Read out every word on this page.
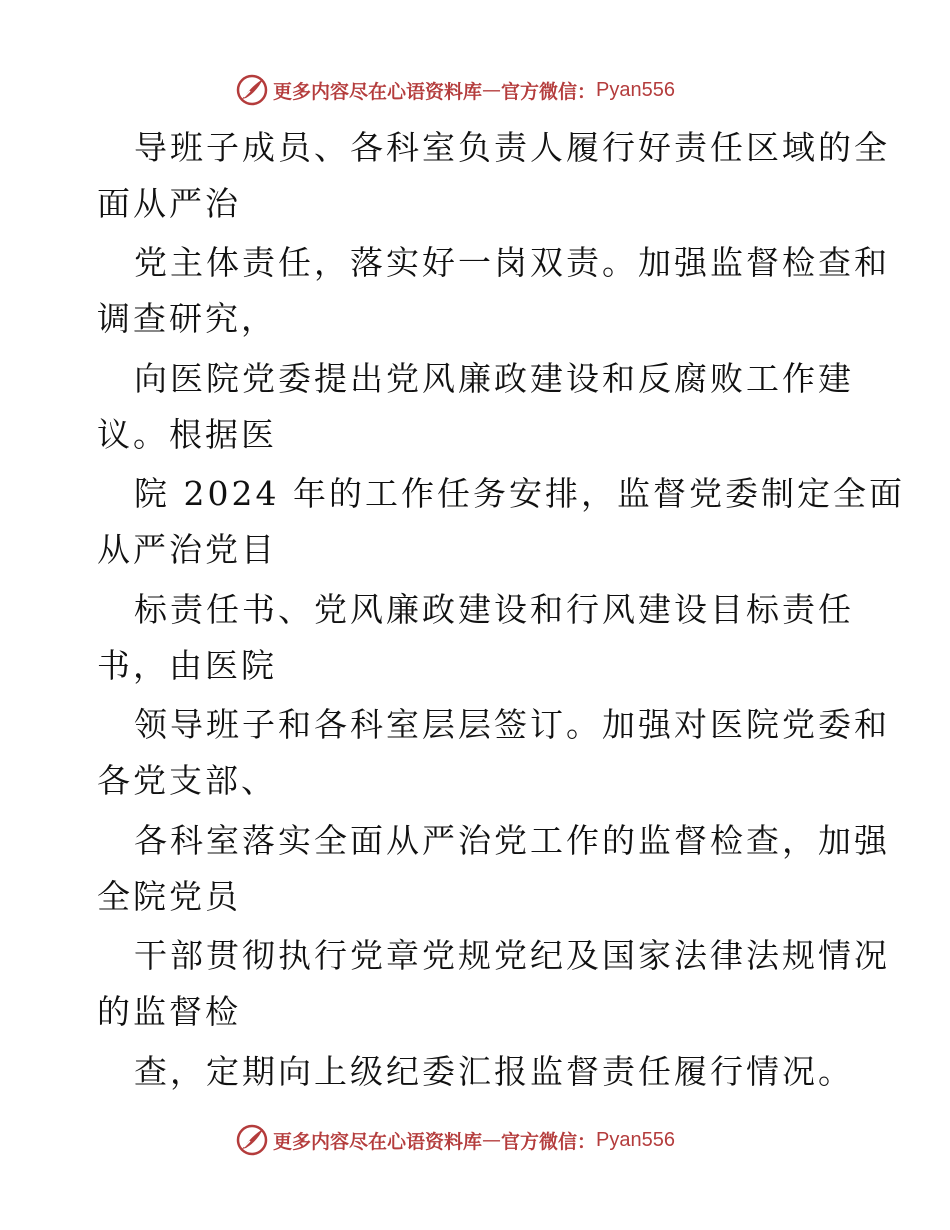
更多内容尽在心语资料库 — 官方微信： Pyan556
导班子成员、各科室负责人履行好责任区域的全
面从严治
党主体责任，落实好一岗双责。加强监督检查和
调查研究，
向医院党委提出党风廉政建设和反腐败工作建
议。根据医
院 2024 年的工作任务安排，监督党委制定全面
从严治党目
标责任书、党风廉政建设和行风建设目标责任
书，由医院
领导班子和各科室层层签订。加强对医院党委和
各党支部、
各科室落实全面从严治党工作的监督检查，加强
全院党员
干部贯彻执行党章党规党纪及国家法律法规情况
的监督检
查，定期向上级纪委汇报监督责任履行情况。
更多内容尽在心语资料库 — 官方微信： Pyan556
